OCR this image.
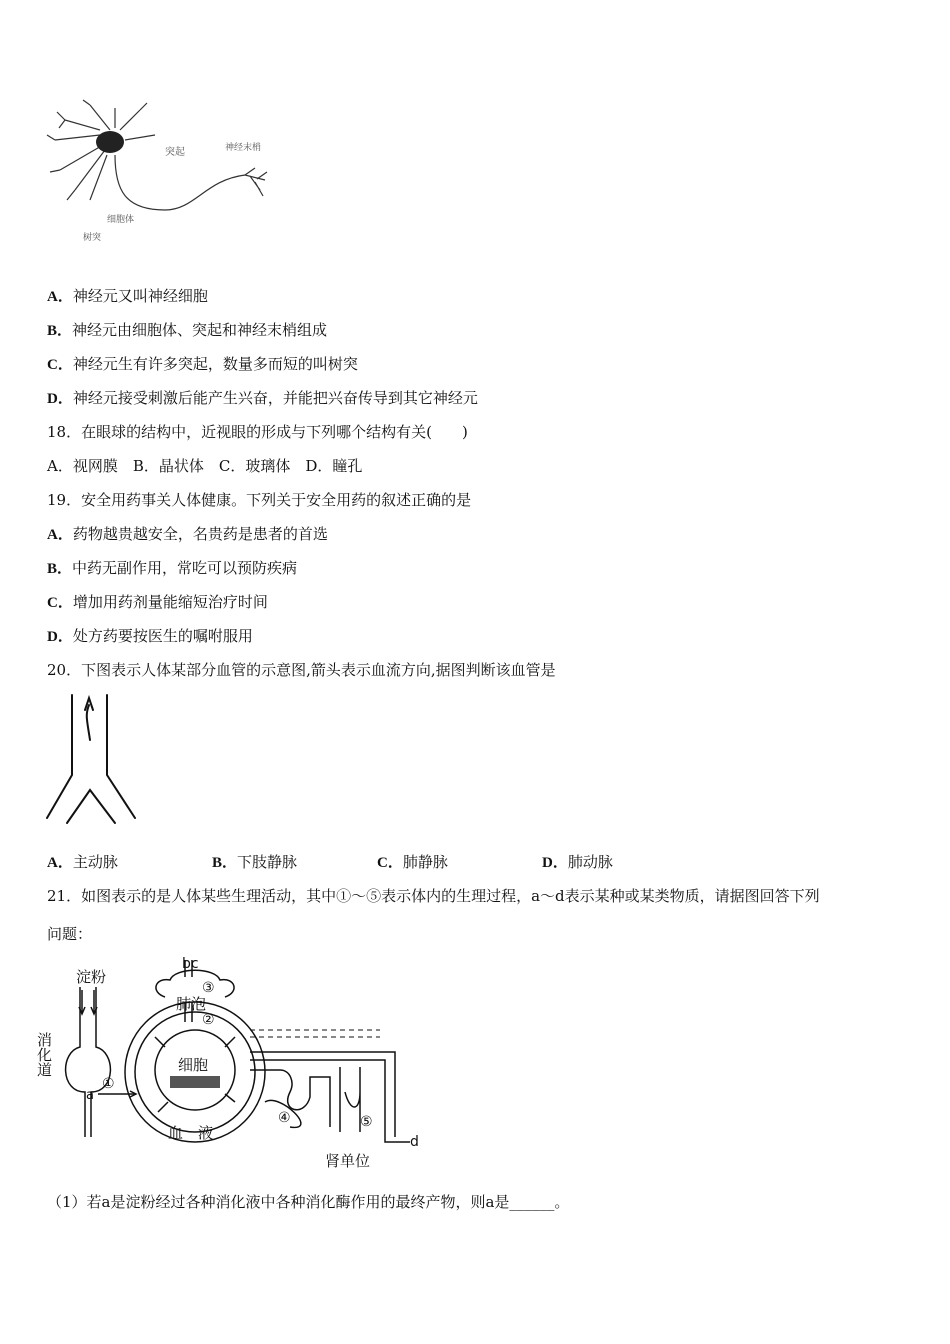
突起	神经末梢
细胞体
树突
A．神经元又叫神经细胞
B．神经元由细胞体、突起和神经末梢组成
C．神经元生有许多突起，数量多而短的叫树突
D．神经元接受刺激后能产生兴奋，并能把兴奋传导到其它神经元
18．在眼球的结构中，近视眼的形成与下列哪个结构有关(　　)
A．视网膜　B．晶状体　C．玻璃体　D．瞳孔
19．安全用药事关人体健康。下列关于安全用药的叙述正确的是
A．药物越贵越安全，名贵药是患者的首选
B．中药无副作用，常吃可以预防疾病
C．增加用药剂量能缩短治疗时间
D．处方药要按医生的嘱咐服用
20．下图表示人体某部分血管的示意图,箭头表示血流方向,据图判断该血管是
A．主动脉	B．下肢静脉	C．肺静脉	D．肺动脉
21．如图表示的是人体某些生理活动，其中①～⑤表示体内的生理过程，a～d表示某种或某类物质，请据图回答下列
问题：
淀粉
消化道
a
①
bc
③
肺泡
②
细胞
血　液
④	⑤
d
肾单位
（1）若a是淀粉经过各种消化液中各种消化酶作用的最终产物，则a是______。
